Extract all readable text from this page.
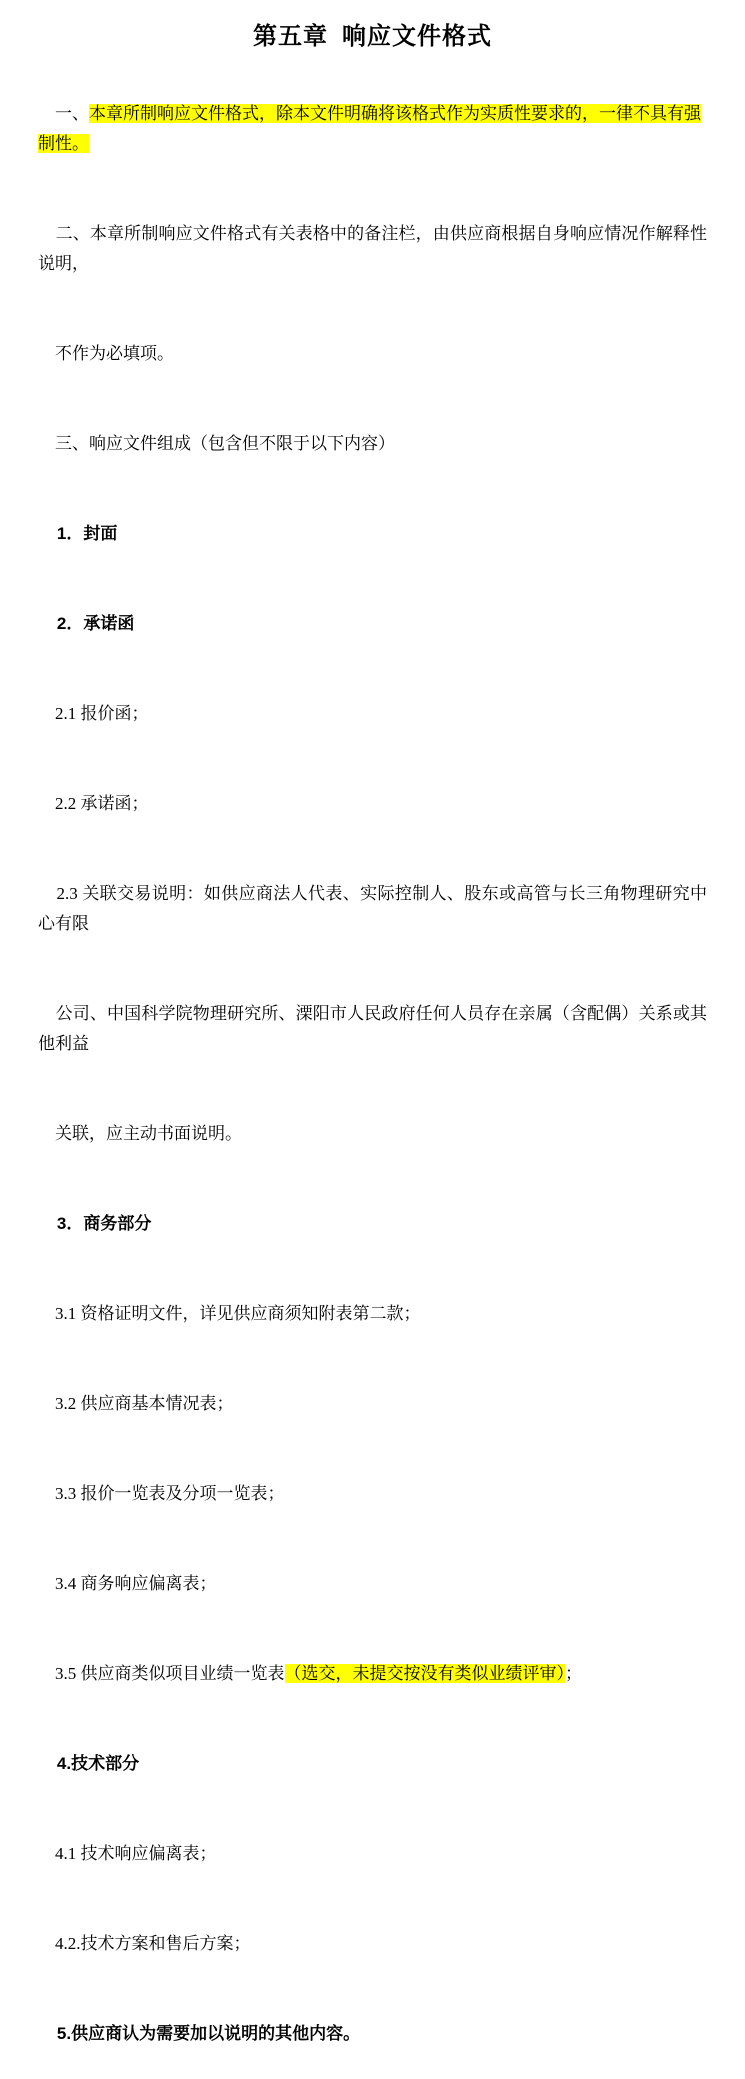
第五章 响应文件格式

一、本章所制响应文件格式，除本文件明确将该格式作为实质性要求的，一律不具有强制性。

二、本章所制响应文件格式有关表格中的备注栏，由供应商根据自身响应情况作解释性说明，

不作为必填项。

三、响应文件组成（包含但不限于以下内容）

1．封面

2．承诺函

2.1 报价函；

2.2 承诺函；

2.3 关联交易说明：如供应商法人代表、实际控制人、股东或高管与长三角物理研究中心有限

公司、中国科学院物理研究所、溧阳市人民政府任何人员存在亲属（含配偶）关系或其他利益

关联，应主动书面说明。

3．商务部分

3.1 资格证明文件，详见供应商须知附表第二款；

3.2 供应商基本情况表；

3.3 报价一览表及分项一览表；

3.4 商务响应偏离表；

3.5 供应商类似项目业绩一览表（选交，未提交按没有类似业绩评审）；

4.技术部分

4.1 技术响应偏离表；

4.2.技术方案和售后方案；

5.供应商认为需要加以说明的其他内容。
